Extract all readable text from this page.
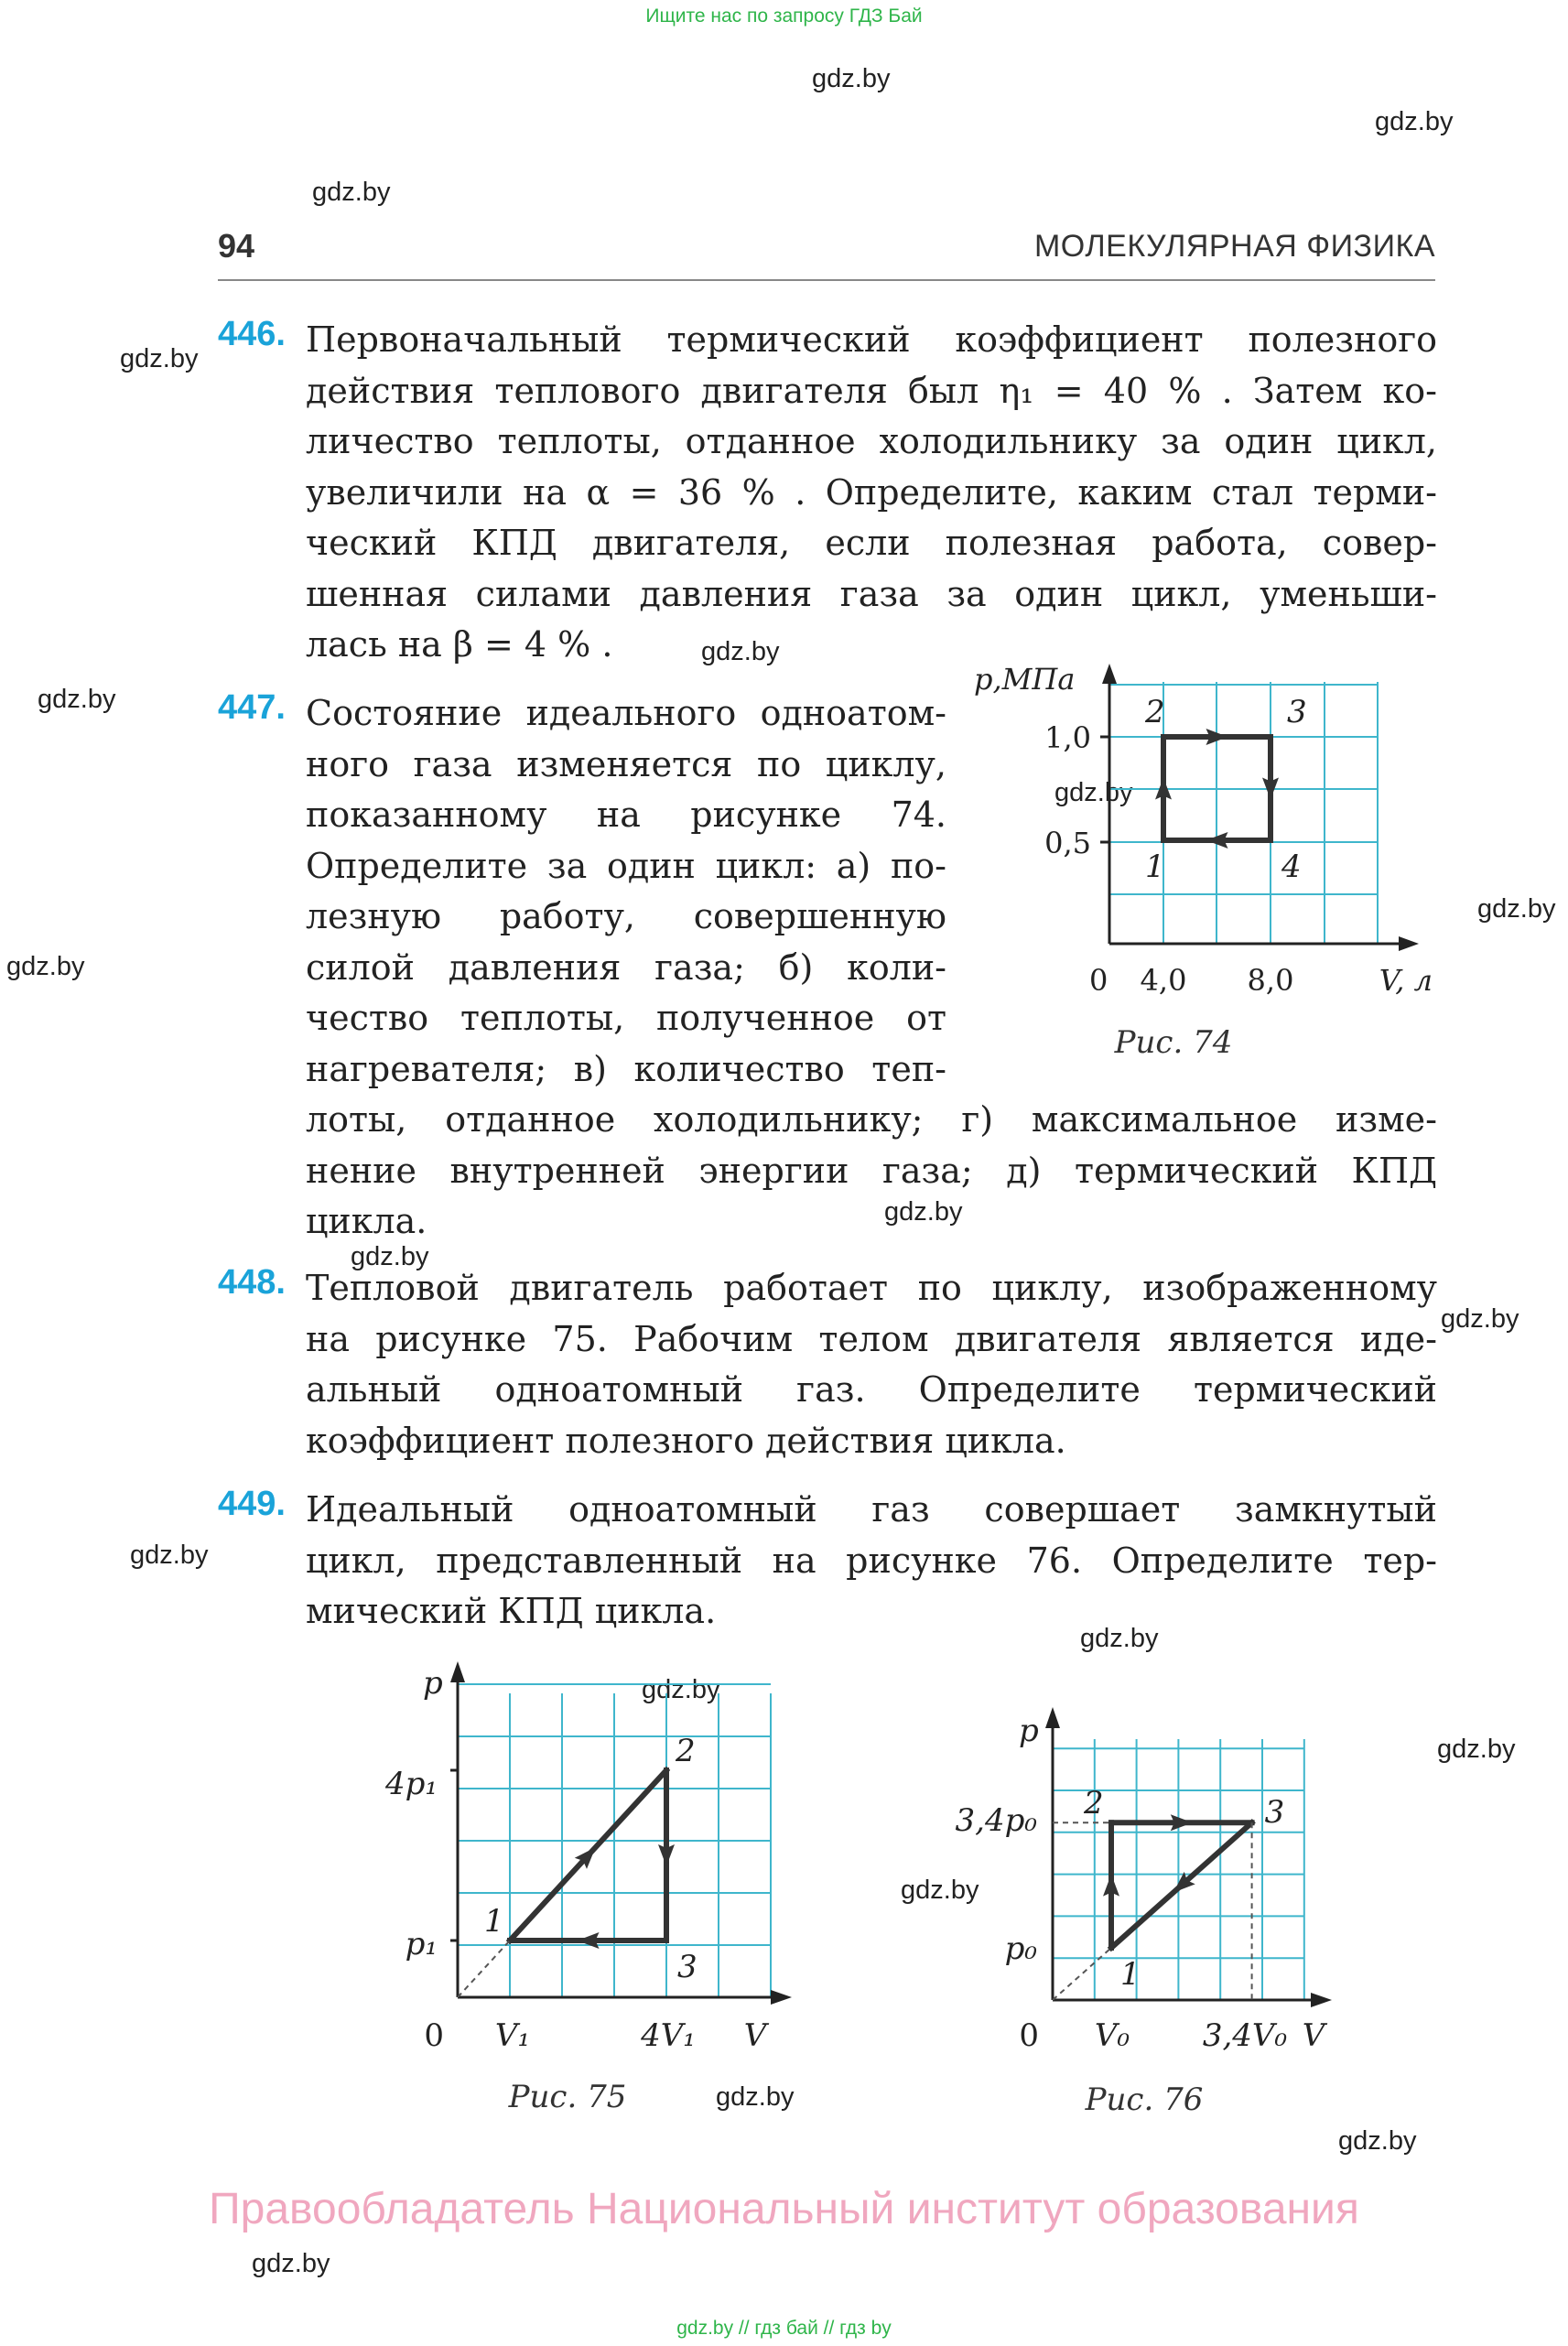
Ищите нас по запросу ГДЗ Бай
gdz.by
gdz.by
gdz.by
gdz.by
gdz.by
gdz.by
gdz.by
gdz.by
gdz.by
gdz.by
gdz.by
gdz.by
gdz.by
gdz.by
gdz.by
gdz.by
gdz.by
gdz.by
gdz.by
gdz.by
94	МОЛЕКУЛЯРНАЯ ФИЗИКА
446. Первоначальный термический коэффициент полезного
действия теплового двигателя был η₁ = 40 % . Затем ко-
личество теплоты, отданное холодильнику за один цикл,
увеличили на α = 36 % . Определите, каким стал терми-
ческий КПД двигателя, если полезная работа, совер-
шенная силами давления газа за один цикл, уменьши-
лась на β = 4 % .
447. Состояние идеального одноатом-
ного газа изменяется по циклу,
показанному на рисунке 74.
Определите за один цикл: а) по-
лезную работу, совершенную
силой давления газа; б) коли-
чество теплоты, полученное от
нагревателя; в) количество теп-
лоты, отданное холодильнику; г) максимальное изме-
нение внутренней энергии газа; д) термический КПД
цикла.
1
2	3
4
p,МПа
1,0
0,5
0 4,0 8,0	V, л
Рис. 74
448. Тепловой двигатель работает по циклу, изображенному
на рисунке 75. Рабочим телом двигателя является иде-
альный одноатомный газ. Определите термический
коэффициент полезного действия цикла.
449. Идеальный одноатомный газ совершает замкнутый
цикл, представленный на рисунке 76. Определите тер-
мический КПД цикла.
1
2
3
p
4p₁
p₁
0 V₁	4V₁ V
Рис. 75
1
2	3
p
3,4p₀
p₀
0 V₀ 3,4V₀ V
Рис. 76
Правообладатель Национальный институт образования
gdz.by // гдз бай // гдз by
